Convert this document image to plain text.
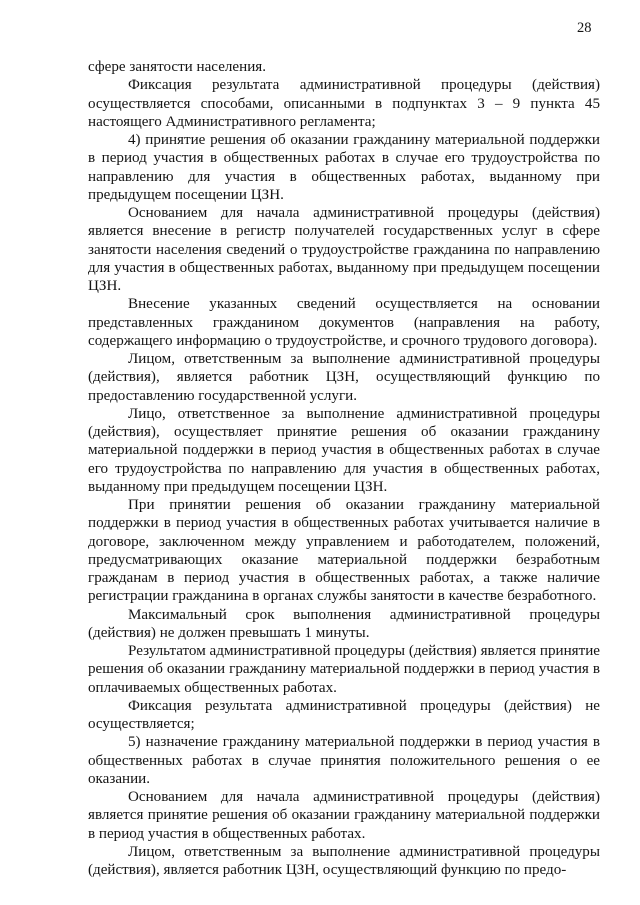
28

сфере занятости населения.

Фиксация результата административной процедуры (действия) осуществляется способами, описанными в подпунктах 3 – 9 пункта 45 настоящего Административного регламента;

4) принятие решения об оказании гражданину материальной поддержки в период участия в общественных работах в случае его трудоустройства по направлению для участия в общественных работах, выданному при предыдущем посещении ЦЗН.

Основанием для начала административной процедуры (действия) является внесение в регистр получателей государственных услуг в сфере занятости населения сведений о трудоустройстве гражданина по направлению для участия в общественных работах, выданному при предыдущем посещении ЦЗН.

Внесение указанных сведений осуществляется на основании представленных гражданином документов (направления на работу, содержащего информацию о трудоустройстве, и срочного трудового договора).

Лицом, ответственным за выполнение административной процедуры (действия), является работник ЦЗН, осуществляющий функцию по предоставлению государственной услуги.

Лицо, ответственное за выполнение административной процедуры (действия), осуществляет принятие решения об оказании гражданину материальной поддержки в период участия в общественных работах в случае его трудоустройства по направлению для участия в общественных работах, выданному при предыдущем посещении ЦЗН.

При принятии решения об оказании гражданину материальной поддержки в период участия в общественных работах учитывается наличие в договоре, заключенном между управлением и работодателем, положений, предусматривающих оказание материальной поддержки безработным гражданам в период участия в общественных работах, а также наличие регистрации гражданина в органах службы занятости в качестве безработного.

Максимальный срок выполнения административной процедуры (действия) не должен превышать 1 минуты.

Результатом административной процедуры (действия) является принятие решения об оказании гражданину материальной поддержки в период участия в оплачиваемых общественных работах.

Фиксация результата административной процедуры (действия) не осуществляется;

5) назначение гражданину материальной поддержки в период участия в общественных работах в случае принятия положительного решения о ее оказании.

Основанием для начала административной процедуры (действия) является принятие решения об оказании гражданину материальной поддержки в период участия в общественных работах.

Лицом, ответственным за выполнение административной процедуры (действия), является работник ЦЗН, осуществляющий функцию по предо-
